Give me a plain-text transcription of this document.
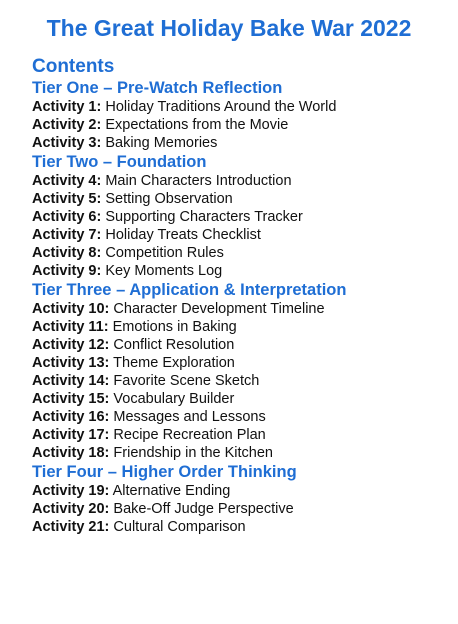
The Great Holiday Bake War 2022
Contents
Tier One – Pre-Watch Reflection
Activity 1: Holiday Traditions Around the World
Activity 2: Expectations from the Movie
Activity 3: Baking Memories
Tier Two – Foundation
Activity 4: Main Characters Introduction
Activity 5: Setting Observation
Activity 6: Supporting Characters Tracker
Activity 7: Holiday Treats Checklist
Activity 8: Competition Rules
Activity 9: Key Moments Log
Tier Three – Application & Interpretation
Activity 10: Character Development Timeline
Activity 11: Emotions in Baking
Activity 12: Conflict Resolution
Activity 13: Theme Exploration
Activity 14: Favorite Scene Sketch
Activity 15: Vocabulary Builder
Activity 16: Messages and Lessons
Activity 17: Recipe Recreation Plan
Activity 18: Friendship in the Kitchen
Tier Four – Higher Order Thinking
Activity 19: Alternative Ending
Activity 20: Bake-Off Judge Perspective
Activity 21: Cultural Comparison
